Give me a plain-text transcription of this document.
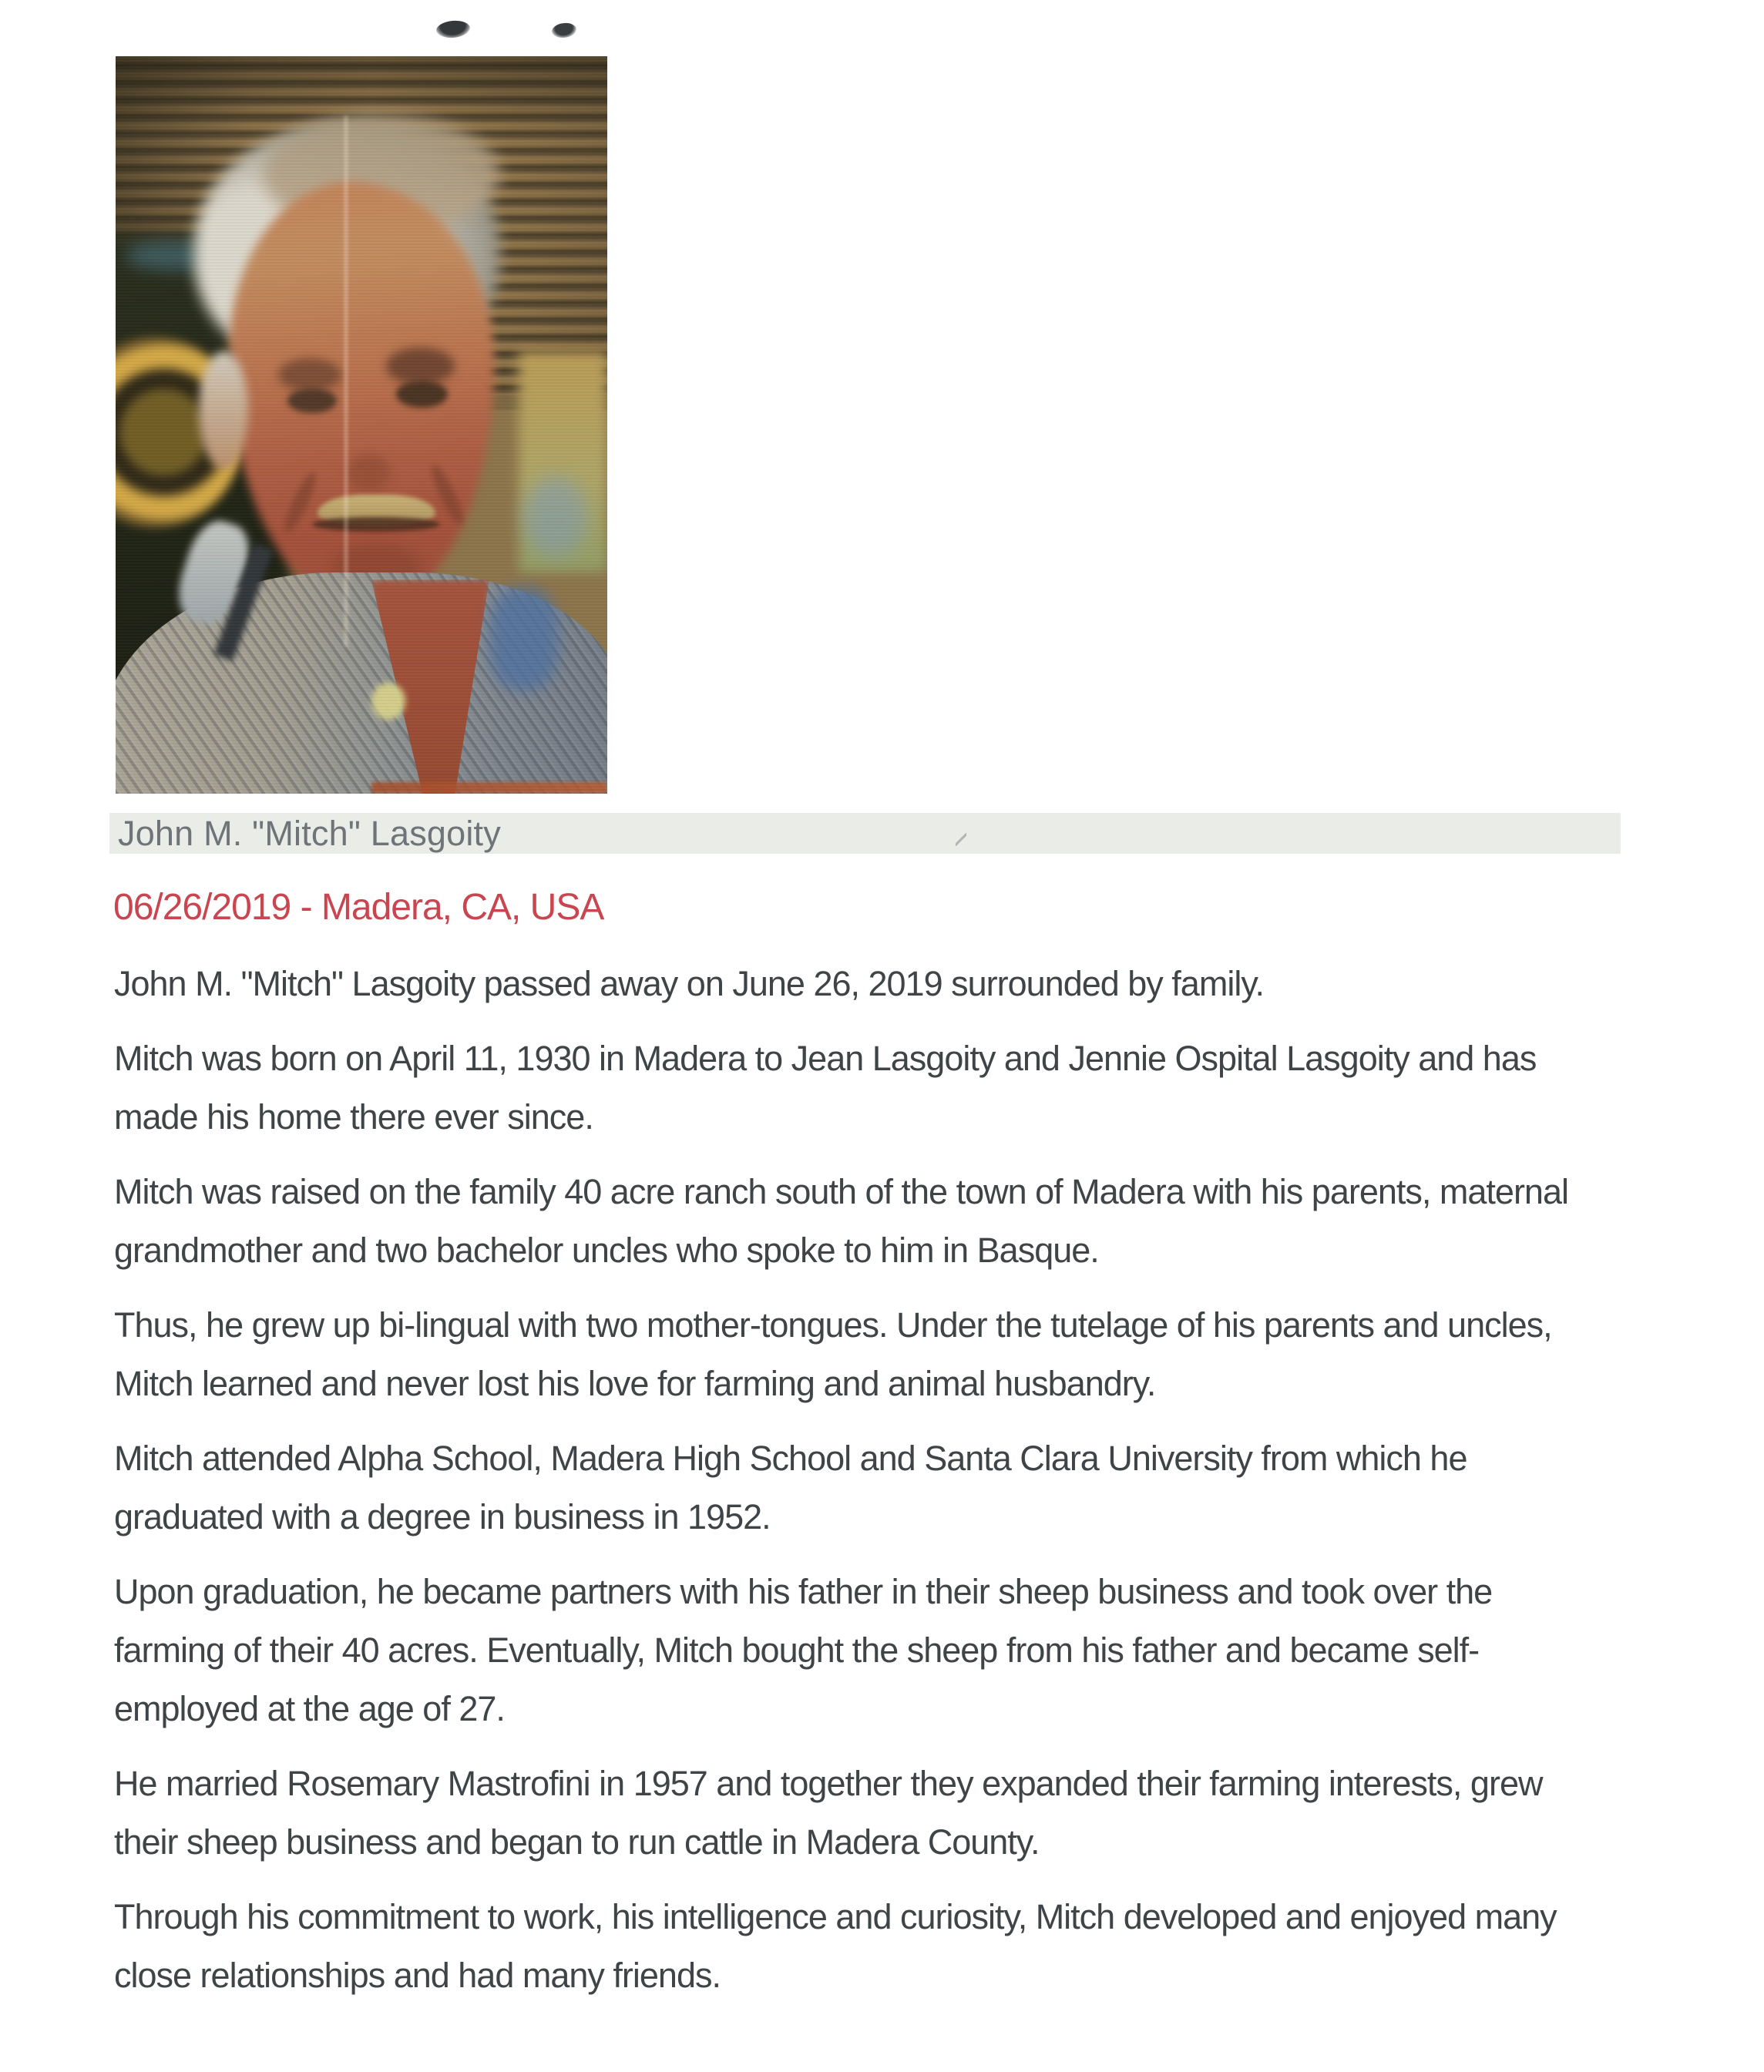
John M. "Mitch" Lasgoity
06/26/2019 - Madera, CA, USA
John M. "Mitch" Lasgoity passed away on June 26, 2019 surrounded by family.
Mitch was born on April 11, 1930 in Madera to Jean Lasgoity and Jennie Ospital Lasgoity and has
made his home there ever since.
Mitch was raised on the family 40 acre ranch south of the town of Madera with his parents, maternal
grandmother and two bachelor uncles who spoke to him in Basque.
Thus, he grew up bi-lingual with two mother-tongues. Under the tutelage of his parents and uncles,
Mitch learned and never lost his love for farming and animal husbandry.
Mitch attended Alpha School, Madera High School and Santa Clara University from which he
graduated with a degree in business in 1952.
Upon graduation, he became partners with his father in their sheep business and took over the
farming of their 40 acres. Eventually, Mitch bought the sheep from his father and became self-
employed at the age of 27.
He married Rosemary Mastrofini in 1957 and together they expanded their farming interests, grew
their sheep business and began to run cattle in Madera County.
Through his commitment to work, his intelligence and curiosity, Mitch developed and enjoyed many
close relationships and had many friends.
